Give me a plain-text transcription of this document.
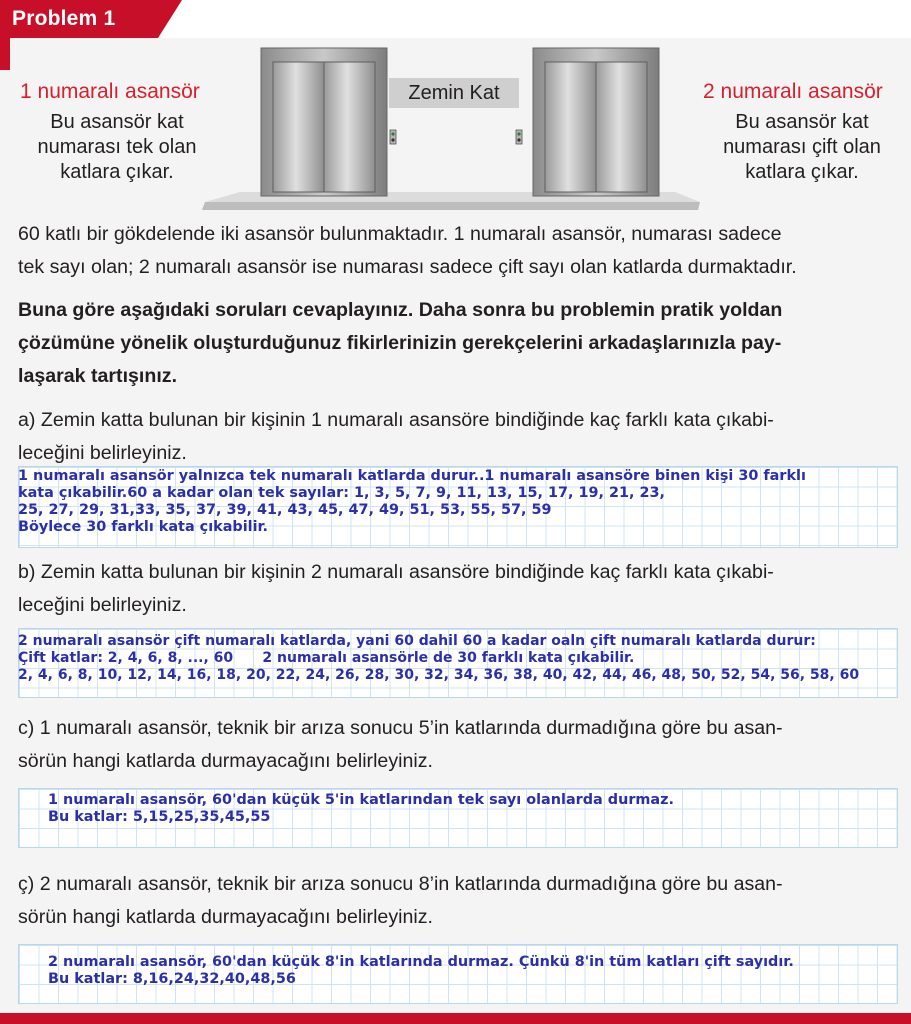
Problem 1
1 numaralı asansör
Bu asansör kat
numarası tek olan
katlara çıkar.
Zemin Kat	2 numaralı asansör
Bu asansör kat
numarası çift olan
katlara çıkar.
60 katlı bir gökdelende iki asansör bulunmaktadır. 1 numaralı asansör, numarası sadece
tek sayı olan; 2 numaralı asansör ise numarası sadece çift sayı olan katlarda durmaktadır.
Buna göre aşağıdaki soruları cevaplayınız. Daha sonra bu problemin pratik yoldan
çözümüne yönelik oluşturduğunuz fikirlerinizin gerekçelerini arkadaşlarınızla pay-
laşarak tartışınız.
a) Zemin katta bulunan bir kişinin 1 numaralı asansöre bindiğinde kaç farklı kata çıkabi-
leceğini belirleyiniz.
1 numaralı asansör yalnızca tek numaralı katlarda durur..1 numaralı asansöre binen kişi 30 farklı
kata çıkabilir.60 a kadar olan tek sayılar: 1, 3, 5, 7, 9, 11, 13, 15, 17, 19, 21, 23,
25, 27, 29, 31,33, 35, 37, 39, 41, 43, 45, 47, 49, 51, 53, 55, 57, 59
Böylece 30 farklı kata çıkabilir.
b) Zemin katta bulunan bir kişinin 2 numaralı asansöre bindiğinde kaç farklı kata çıkabi-
leceğini belirleyiniz.
2 numaralı asansör çift numaralı katlarda, yani 60 dahil 60 a kadar oaln çift numaralı katlarda durur:
Çift katlar: 2, 4, 6, 8, ..., 60      2 numaralı asansörle de 30 farklı kata çıkabilir.
2, 4, 6, 8, 10, 12, 14, 16, 18, 20, 22, 24, 26, 28, 30, 32, 34, 36, 38, 40, 42, 44, 46, 48, 50, 52, 54, 56, 58, 60
c) 1 numaralı asansör, teknik bir arıza sonucu 5’in katlarında durmadığına göre bu asan-
sörün hangi katlarda durmayacağını belirleyiniz.
1 numaralı asansör, 60'dan küçük 5'in katlarından tek sayı olanlarda durmaz.
Bu katlar: 5,15,25,35,45,55
ç) 2 numaralı asansör, teknik bir arıza sonucu 8’in katlarında durmadığına göre bu asan-
sörün hangi katlarda durmayacağını belirleyiniz.
2 numaralı asansör, 60'dan küçük 8'in katlarında durmaz. Çünkü 8'in tüm katları çift sayıdır.
Bu katlar: 8,16,24,32,40,48,56
